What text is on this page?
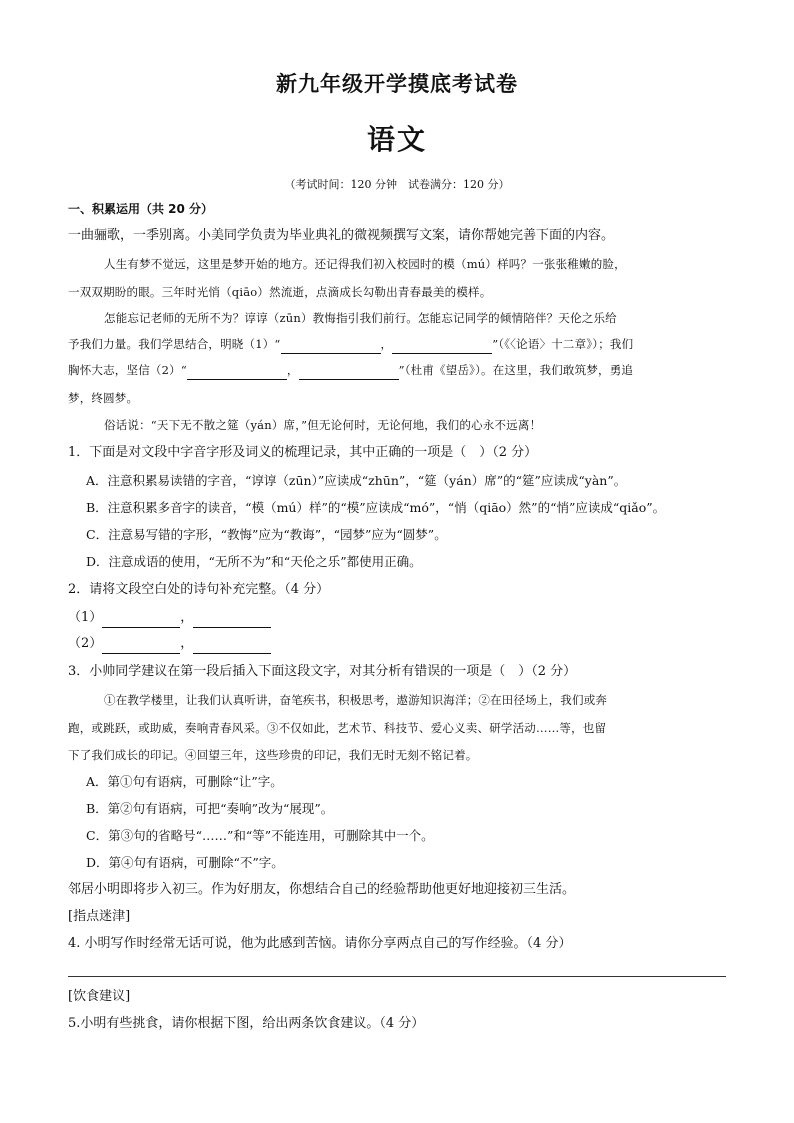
新九年级开学摸底考试卷
语文
（考试时间：120 分钟　试卷满分：120 分）
一、积累运用（共 20 分）
一曲骊歌，一季别离。小美同学负责为毕业典礼的微视频撰写文案，请你帮她完善下面的内容。
人生有梦不觉远，这里是梦开始的地方。还记得我们初入校园时的模（mú）样吗？一张张稚嫩的脸，
一双双期盼的眼。三年时光悄（qiāo）然流逝，点滴成长勾勒出青春最美的模样。
怎能忘记老师的无所不为？谆谆（zūn）教悔指引我们前行。怎能忘记同学的倾情陪伴？天伦之乐给
予我们力量。我们学思结合，明晓（1）“	，	”（《〈论语〉十二章》）；我们
胸怀大志，坚信（2）“	，	”（杜甫《望岳》）。在这里，我们敢筑梦，勇追
梦，终圆梦。
俗话说：“天下无不散之筵（yán）席，”但无论何时，无论何地，我们的心永不远离！
1．下面是对文段中字音字形及词义的梳理记录，其中正确的一项是（　）（2 分）
A．注意积累易读错的字音，“谆谆（zūn）”应读成“zhūn”，“筵（yán）席”的“筵”应读成“yàn”。
B．注意积累多音字的读音，“模（mú）样”的“模”应读成“mó”，“悄（qiāo）然”的“悄”应读成“qiǎo”。
C．注意易写错的字形，“教悔”应为“教诲”，“园梦”应为“圆梦”。
D．注意成语的使用，“无所不为”和“天伦之乐”都使用正确。
2．请将文段空白处的诗句补充完整。（4 分）
（1）	，
（2）	，
3．小帅同学建议在第一段后插入下面这段文字，对其分析有错误的一项是（　）（2 分）
①在教学楼里，让我们认真听讲，奋笔疾书，积极思考，遨游知识海洋；②在田径场上，我们或奔
跑，或跳跃，或助威，奏响青春风采。③不仅如此，艺术节、科技节、爱心义卖、研学活动……等，也留
下了我们成长的印记。④回望三年，这些珍贵的印记，我们无时无刻不铭记着。
A．第①句有语病，可删除“让”字。
B．第②句有语病，可把“奏响”改为“展现”。
C．第③句的省略号“……”和“等”不能连用，可删除其中一个。
D．第④句有语病，可删除“不”字。
邻居小明即将步入初三。作为好朋友，你想结合自己的经验帮助他更好地迎接初三生活。
[指点迷津]
4. 小明写作时经常无话可说，他为此感到苦恼。请你分享两点自己的写作经验。（4 分）
[饮食建议]
5.小明有些挑食，请你根据下图，给出两条饮食建议。（4 分）
